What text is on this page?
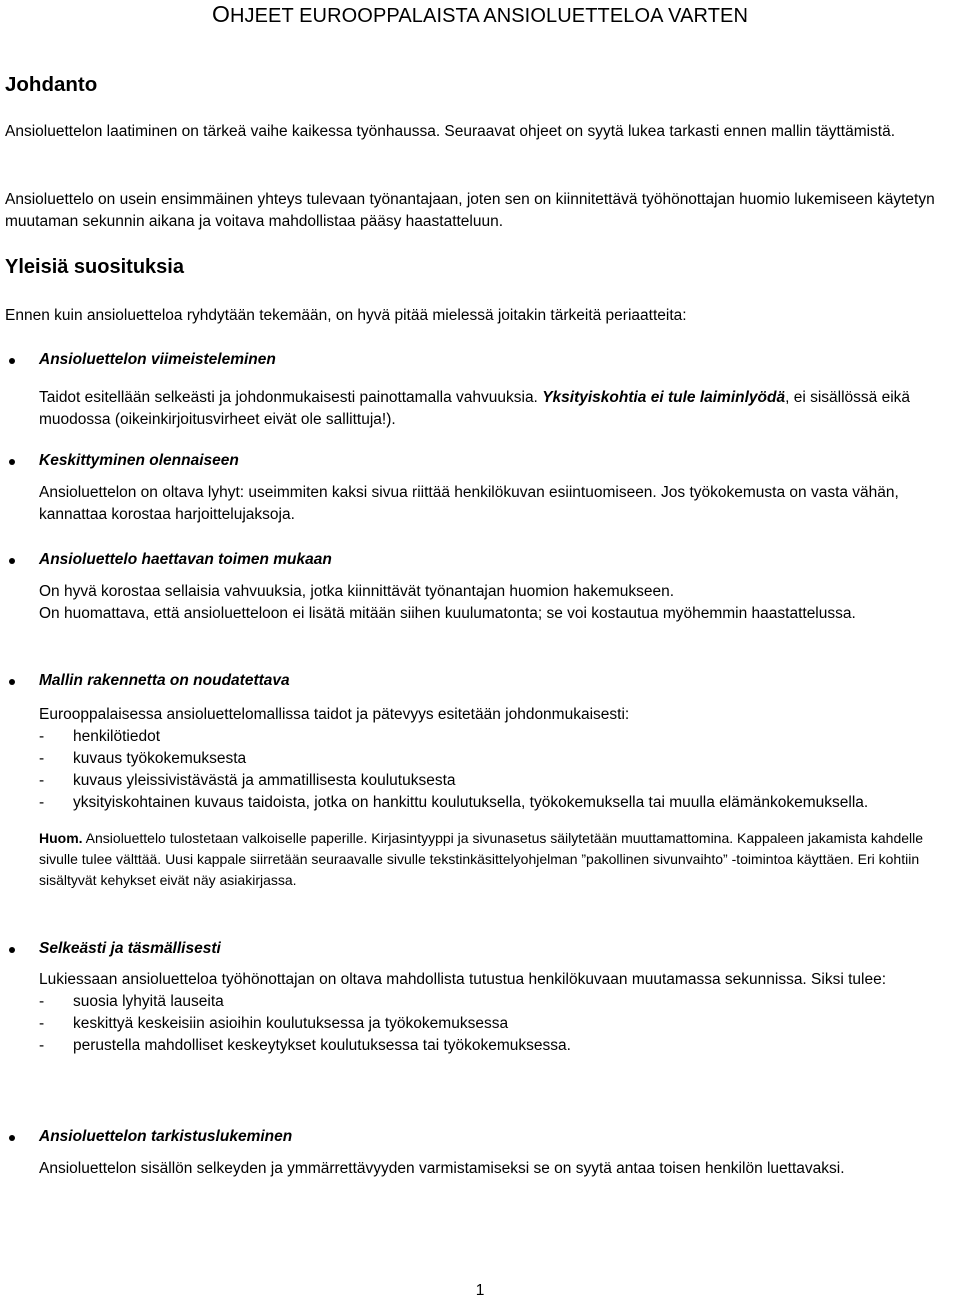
OHJEET EUROOPPALAISTA ANSIOLUETTELOA VARTEN
Johdanto

Ansioluettelon laatiminen on tärkeä vaihe kaikessa työnhaussa. Seuraavat ohjeet on syytä lukea tarkasti ennen mallin täyttämistä.

Ansioluettelo on usein ensimmäinen yhteys tulevaan työnantajaan, joten sen on kiinnitettävä työhönottajan huomio lukemiseen käytetyn muutaman sekunnin aikana ja voitava mahdollistaa pääsy haastatteluun.

Yleisiä suosituksia

Ennen kuin ansioluetteloa ryhdytään tekemään, on hyvä pitää mielessä joitakin tärkeitä periaatteita:

Ansioluettelon viimeisteleminen

Taidot esitellään selkeästi ja johdonmukaisesti painottamalla vahvuuksia. Yksityiskohtia ei tule laiminlyödä, ei sisällössä eikä muodossa (oikeinkirjoitusvirheet eivät ole sallittuja!).

Keskittyminen olennaiseen

Ansioluettelon on oltava lyhyt: useimmiten kaksi sivua riittää henkilökuvan esiintuomiseen. Jos työkokemusta on vasta vähän, kannattaa korostaa harjoittelujaksoja.

Ansioluettelo haettavan toimen mukaan

On hyvä korostaa sellaisia vahvuuksia, jotka kiinnittävät työnantajan huomion hakemukseen.

On huomattava, että ansioluetteloon ei lisätä mitään siihen kuulumatonta; se voi kostautua myöhemmin haastattelussa.

Mallin rakennetta on noudatettava

Eurooppalaisessa ansioluettelomallissa taidot ja pätevyys esitetään johdonmukaisesti:

- henkilötiedot
- kuvaus työkokemuksesta
- kuvaus yleissivistävästä ja ammatillisesta koulutuksesta
- yksityiskohtainen kuvaus taidoista, jotka on hankittu koulutuksella, työkokemuksella tai muulla elämänkokemuksella.

Huom. Ansioluettelo tulostetaan valkoiselle paperille. Kirjasintyyppi ja sivunasetus säilytetään muuttamattomina. Kappaleen jakamista kahdelle sivulle tulee välttää. Uusi kappale siirretään seuraavalle sivulle tekstinkäsittelyohjelman ”pakollinen sivunvaihto” -toimintoa käyttäen. Eri kohtiin sisältyvät kehykset eivät näy asiakirjassa.

Selkeästi ja täsmällisesti

Lukiessaan ansioluetteloa työhönottajan on oltava mahdollista tutustua henkilökuvaan muutamassa sekunnissa. Siksi tulee:

- suosia lyhyitä lauseita
- keskittyä keskeisiin asioihin koulutuksessa ja työkokemuksessa
- perustella mahdolliset keskeytykset koulutuksessa tai työkokemuksessa.
Ansioluettelon tarkistuslukeminen

Ansioluettelon sisällön selkeyden ja ymmärrettävyyden varmistamiseksi se on syytä antaa toisen henkilön luettavaksi.

1
